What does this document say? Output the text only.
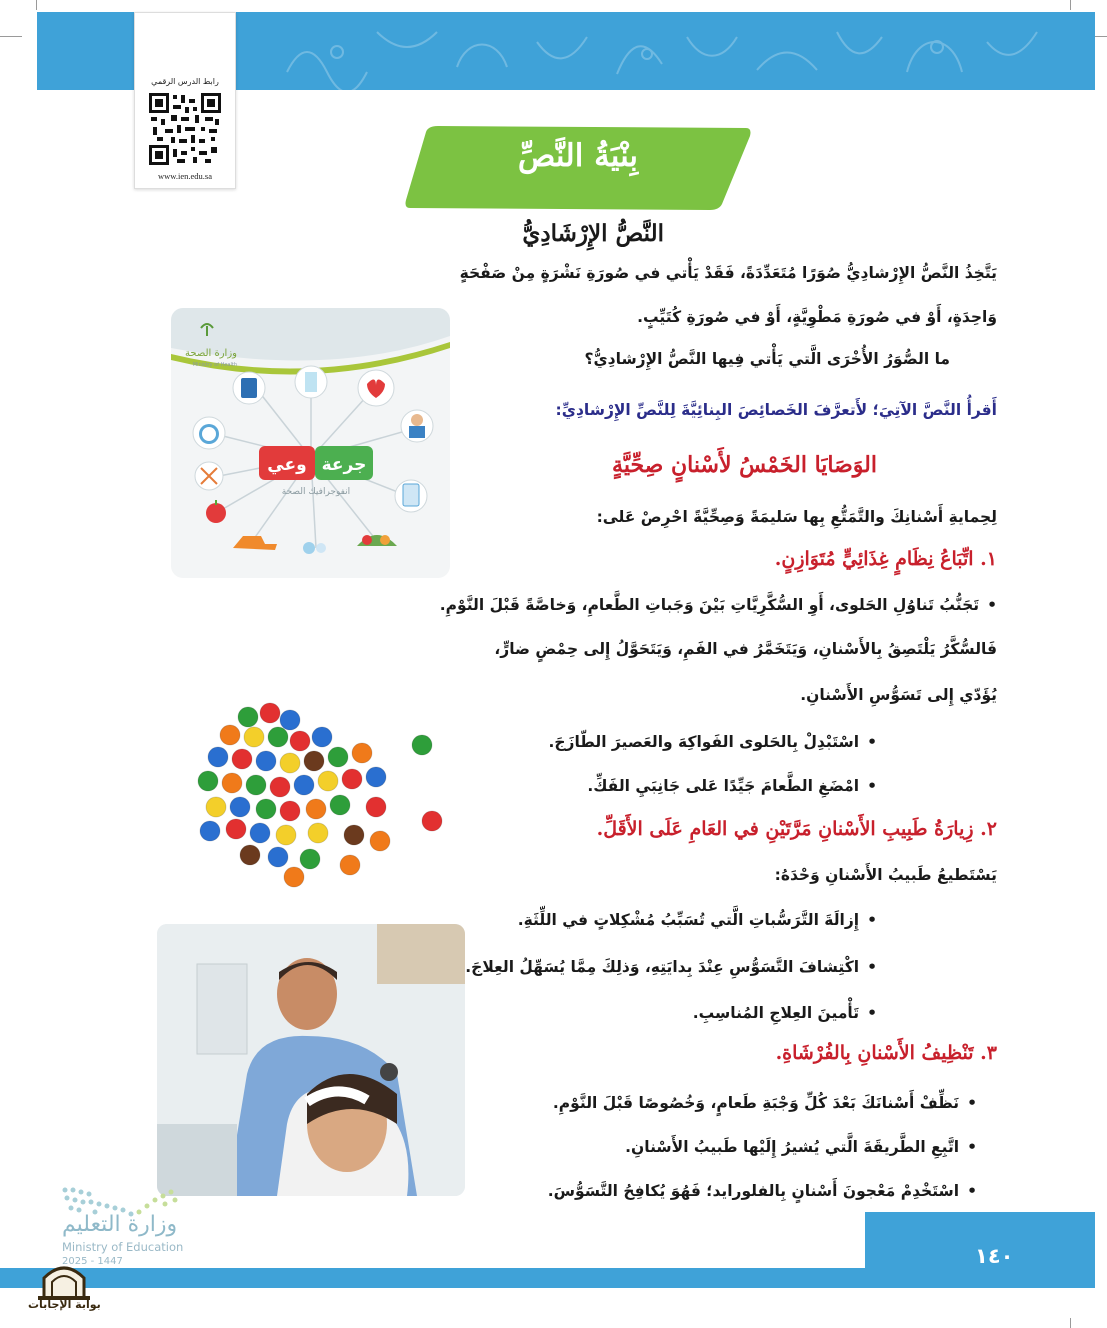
رابط الدرس الرقمي
www.ien.edu.sa
بِنْيَةُ النَّصِّ
النَّصُّ الإِرْشَادِيُّ
يَتَّخِذُ النَّصُّ الإِرْشادِيُّ صُوَرًا مُتَعَدِّدَةً، فَقَدْ يَأْتي في صُورَةِ نَشْرَةٍ مِنْ صَفْحَةٍ
وَاحِدَةٍ، أَوْ في صُورَةِ مَطْوِيَّةٍ، أَوْ في صُورَةِ كُتَيِّبٍ.
ما الصُّوَرُ الأُخْرَى الَّتي يَأْتي فِيها النَّصُّ الإِرْشادِيُّ؟
أَقرأُ النَّصَّ الآتِيَ؛ لأَتعرَّفَ الخَصائِصَ البِنائِيَّةَ لِلنَّصِّ الإِرْشادِيِّ:
وعي جرعة
انفوجرافيك الصحة
وزارة الصحة
Ministry of Health
الوَصَايَا الخَمْسُ لأَسْنانٍ صِحِّيَّةٍ
لِحِمايةِ أَسْنانِكَ والتَّمَتُّعِ بِها سَليمَةً وَصِحِّيَّةً احْرِصْ عَلى:
١. اتِّبَاعُ نِظَامٍ غِذَائِيٍّ مُتَوَازِنٍ.
• تَجَنُّبُ تَناوُلِ الحَلوى، أَوِ السُّكَّرِيَّاتِ بَيْنَ وَجَباتِ الطَّعامِ، وَخاصَّةً قَبْلَ النَّوْمِ.
فَالسُّكَّرُ يَلْتَصِقُ بِالأَسْنانِ، وَيَتَخَمَّرُ في الفَمِ، وَيَتَحَوَّلُ إِلى حِمْضٍ ضارٍّ،
يُؤَدّي إِلى تَسَوُّسِ الأَسْنانِ.
• اسْتَبْدِلْ بِالحَلوى الفَواكِهَ والعَصيرَ الطّازَجَ.
• امْضَغِ الطَّعامَ جَيِّدًا عَلى جَانِبَيِ الفَكِّ.
٢. زِيارَةُ طَبِيبِ الأَسْنانِ مَرَّتَيْنِ في العَامِ عَلَى الأَقَلِّ.
يَسْتَطيعُ طَبيبُ الأَسْنانِ وَحْدَهُ:
• إِزالَةَ التَّرَسُّباتِ الَّتي تُسَبِّبُ مُشْكِلاتٍ في اللِّثَةِ.
• اكْتِشافَ التَّسَوُّسِ عِنْدَ بِدايَتِهِ، وَذلِكَ مِمَّا يُسَهِّلُ العِلاجَ.
• تَأْمينَ العِلاجِ المُناسِبِ.
٣. تَنْظِيفُ الأَسْنانِ بِالفُرْشَاةِ.
• نَظِّفْ أَسْنانَكَ بَعْدَ كُلِّ وَجْبَةِ طَعامٍ، وَخُصُوصًا قَبْلَ النَّوْمِ.
• اتَّبِعِ الطَّريقَةَ الَّتي يُشيرُ إِلَيْها طَبيبُ الأَسْنانِ.
• اسْتَخْدِمْ مَعْجونَ أَسْنانٍ بِالفلورايد؛ فَهُوَ يُكافِحُ التَّسَوُّسَ.
١٤٠
وزارة التعليم
Ministry of Education
2025 - 1447
بوابة الإجابات
